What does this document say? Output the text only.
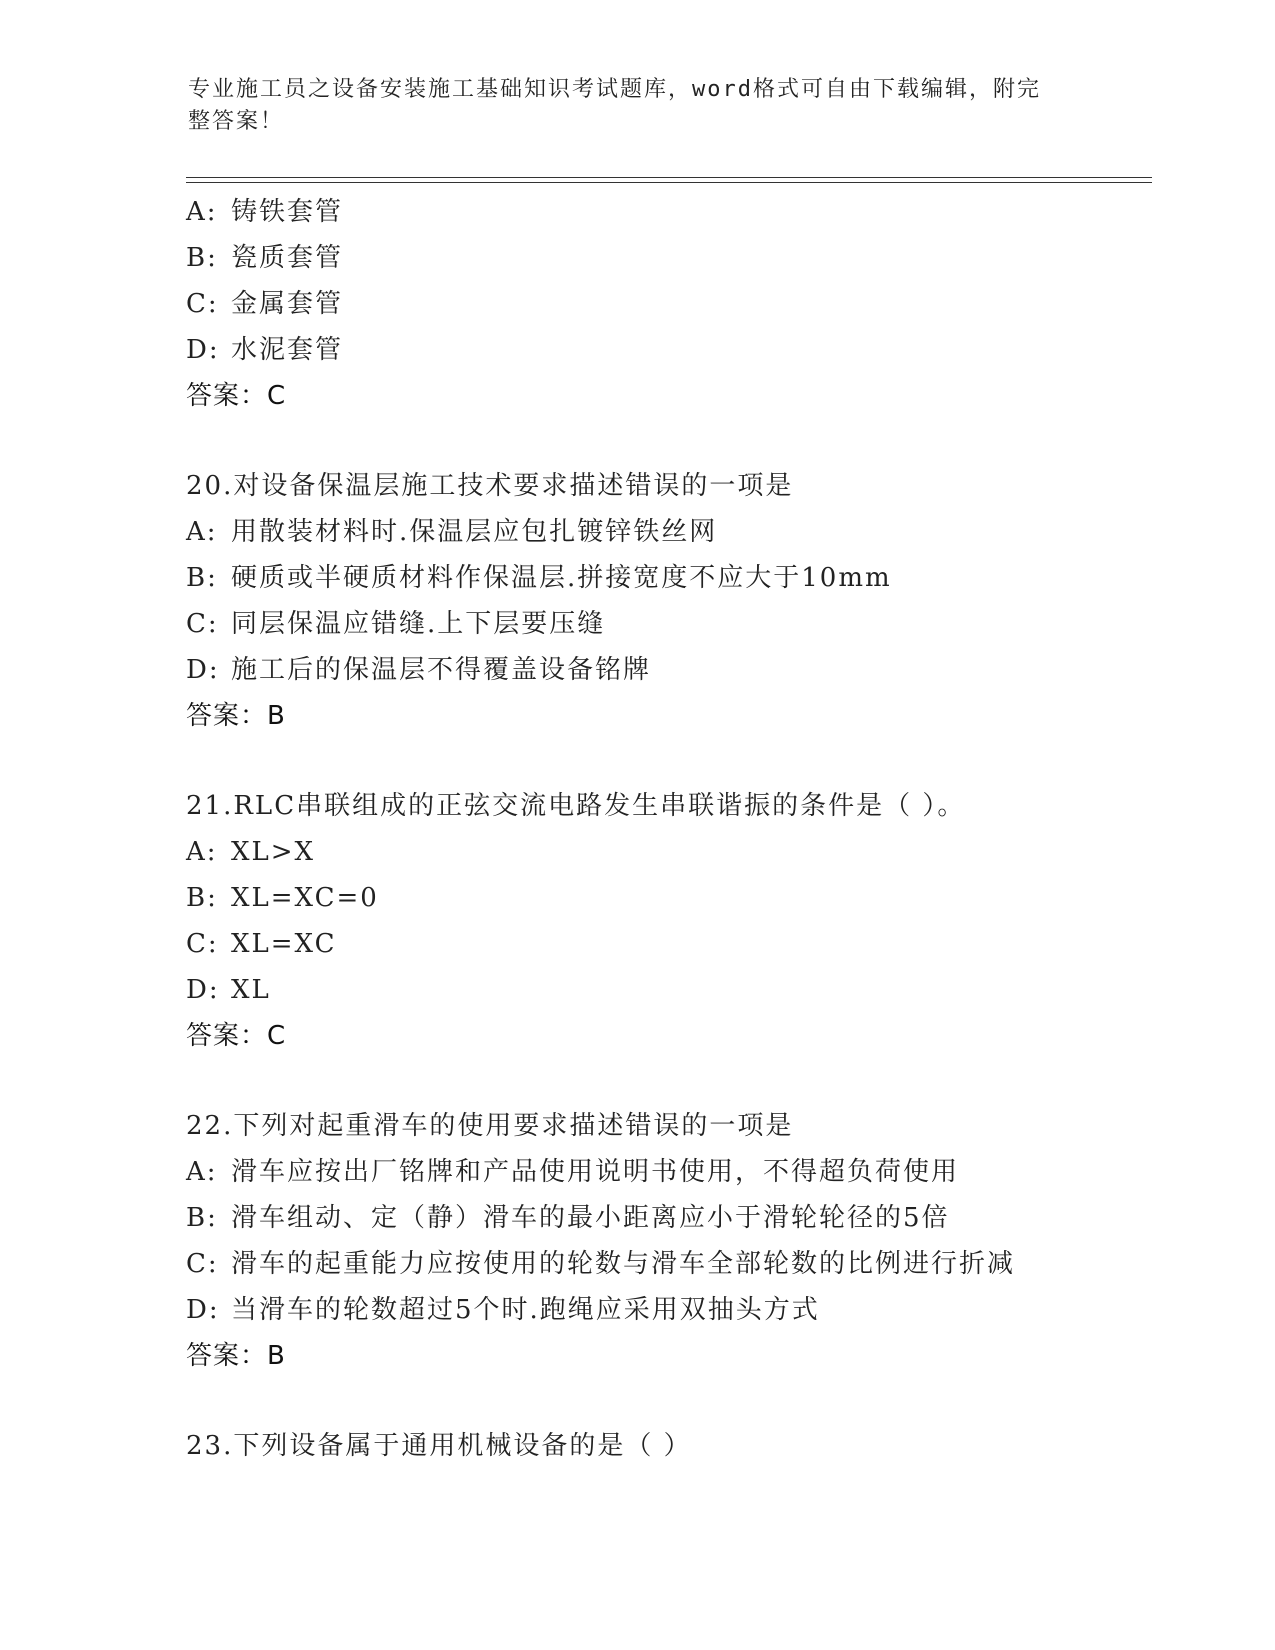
专业施工员之设备安装施工基础知识考试题库，word格式可自由下载编辑，附完
整答案！
A: 铸铁套管
B: 瓷质套管
C: 金属套管
D: 水泥套管
答案：C
20.对设备保温层施工技术要求描述错误的一项是
A: 用散装材料时.保温层应包扎镀锌铁丝网
B: 硬质或半硬质材料作保温层.拼接宽度不应大于10mm
C: 同层保温应错缝.上下层要压缝
D: 施工后的保温层不得覆盖设备铭牌
答案：B
21.RLC串联组成的正弦交流电路发生串联谐振的条件是（ ）。
A: XL>X
B: XL=XC=0
C: XL=XC
D: XL
答案：C
22.下列对起重滑车的使用要求描述错误的一项是
A: 滑车应按出厂铭牌和产品使用说明书使用，不得超负荷使用
B: 滑车组动、定（静）滑车的最小距离应小于滑轮轮径的5倍
C: 滑车的起重能力应按使用的轮数与滑车全部轮数的比例进行折减
D: 当滑车的轮数超过5个时.跑绳应采用双抽头方式
答案：B
23.下列设备属于通用机械设备的是（ ）
